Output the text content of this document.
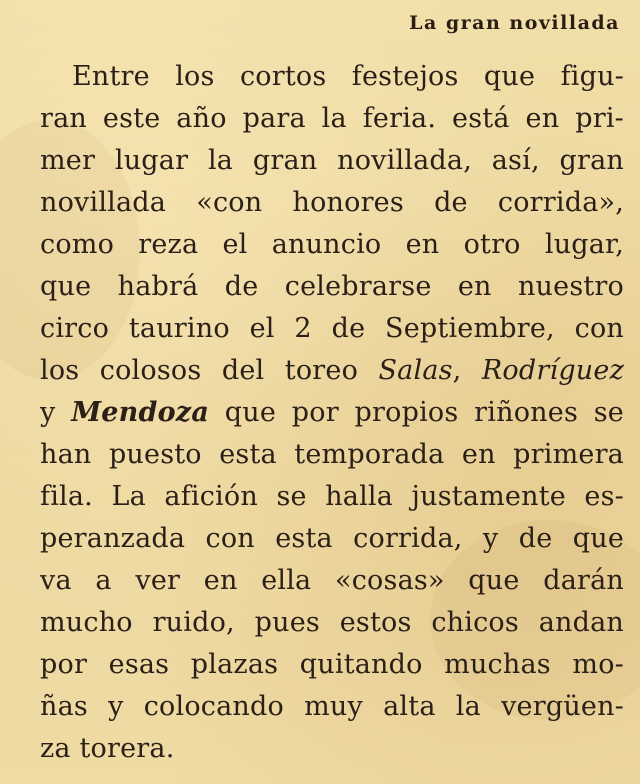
La gran novillada
Entre los cortos festejos que figu-
ran este año para la feria. está en pri-
mer lugar la gran novillada, así, gran
novillada «con honores de corrida»,
como reza el anuncio en otro lugar,
que habrá de celebrarse en nuestro
circo taurino el 2 de Septiembre, con
los colosos del toreo Salas, Rodríguez
y Mendoza que por propios riñones se
han puesto esta temporada en primera
fila. La afición se halla justamente es-
peranzada con esta corrida, y de que
va a ver en ella «cosas» que darán
mucho ruido, pues estos chicos andan
por esas plazas quitando muchas mo-
ñas y colocando muy alta la vergüen-
za torera.
